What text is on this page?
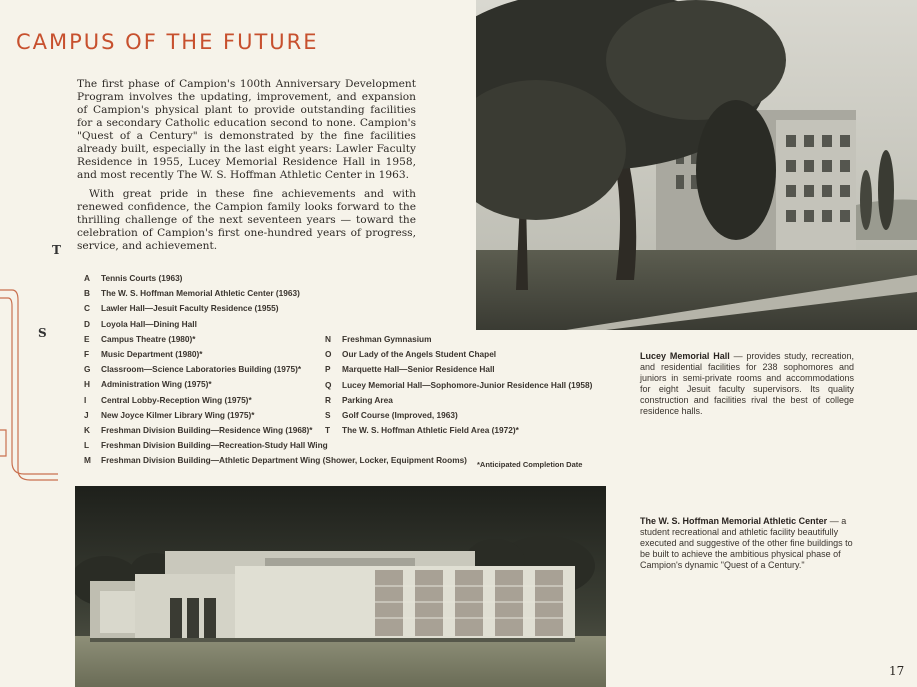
CAMPUS OF THE FUTURE

The first phase of Campion's 100th Anniversary Development Program involves the updating, improvement, and expansion of Campion's physical plant to provide outstanding facilities for a secondary Catholic education second to none. Campion's "Quest of a Century" is demonstrated by the fine facilities already built, especially in the last eight years: Lawler Faculty Residence in 1955, Lucey Memorial Residence Hall in 1958, and most recently The W. S. Hoffman Athletic Center in 1963.

With great pride in these fine achievements and with renewed confidence, the Campion family looks forward to the thrilling challenge of the next seventeen years — toward the celebration of Campion's first one-hundred years of progress, service, and achievement.

T
S
A	Tennis Courts (1963)
B	The W. S. Hoffman Memorial Athletic Center (1963)
C	Lawler Hall—Jesuit Faculty Residence (1955)
D	Loyola Hall—Dining Hall
E	Campus Theatre (1980)*
F	Music Department (1980)*
G	Classroom—Science Laboratories Building (1975)*
H	Administration Wing (1975)*
I	Central Lobby-Reception Wing (1975)*
J	New Joyce Kilmer Library Wing (1975)*
K	Freshman Division Building—Residence Wing (1968)*
L	Freshman Division Building—Recreation-Study Hall Wing
M	Freshman Division Building—Athletic Department Wing (Shower, Locker, Equipment Rooms)
N	Freshman Gymnasium
O	Our Lady of the Angels Student Chapel
P	Marquette Hall—Senior Residence Hall
Q	Lucey Memorial Hall—Sophomore-Junior Residence Hall (1958)
R	Parking Area
S	Golf Course (Improved, 1963)
T	The W. S. Hoffman Athletic Field Area (1972)*
*Anticipated Completion Date
Lucey Memorial Hall — provides study, recreation, and residential facilities for 238 sophomores and juniors in semi-private rooms and accommodations for eight Jesuit faculty supervisors. Its quality construction and facilities rival the best of college residence halls.
The W. S. Hoffman Memorial Athletic Center — a student recreational and athletic facility beautifully executed and suggestive of the other fine buildings to be built to achieve the ambitious physical phase of Campion's dynamic "Quest of a Century."
17
